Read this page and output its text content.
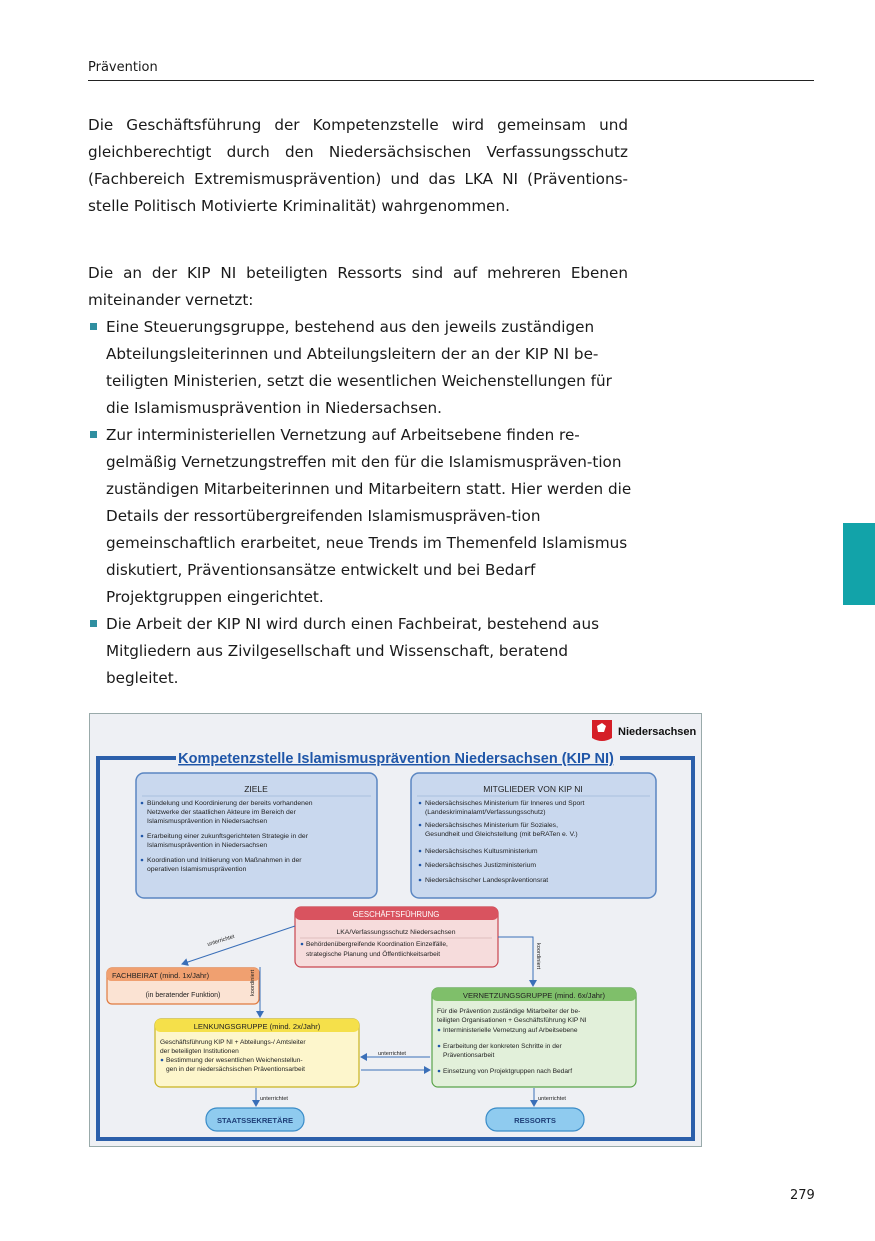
Prävention

Die Geschäftsführung der Kompetenzstelle wird gemeinsam und gleichberechtigt durch den Niedersächsischen Verfassungsschutz (Fachbereich Extremismusprävention) und das LKA NI (Präventions-stelle Politisch Motivierte Kriminalität) wahrgenommen.

Die an der KIP NI beteiligten Ressorts sind auf mehreren Ebenen miteinander vernetzt:

Eine Steuerungsgruppe, bestehend aus den jeweils zuständigen Abteilungsleiterinnen und Abteilungsleitern der an der KIP NI be-teiligten Ministerien, setzt die wesentlichen Weichenstellungen für die Islamismusprävention in Niedersachsen.
Zur interministeriellen Vernetzung auf Arbeitsebene finden re-gelmäßig Vernetzungstreffen mit den für die Islamismuspräven-tion zuständigen Mitarbeiterinnen und Mitarbeitern statt. Hier werden die Details der ressortübergreifenden Islamismuspräven-tion gemeinschaftlich erarbeitet, neue Trends im Themenfeld Islamismus diskutiert, Präventionsansätze entwickelt und bei Bedarf Projektgruppen eingerichtet.
Die Arbeit der KIP NI wird durch einen Fachbeirat, bestehend aus Mitgliedern aus Zivilgesellschaft und Wissenschaft, beratend begleitet.
Niedersachsen
Kompetenzstelle Islamismusprävention Niedersachsen (KIP NI)
ZIELE
Bündelung und Koordinierung der bereits vorhandenen
Netzwerke der staatlichen Akteure im Bereich der
Islamismusprävention in Niedersachsen
Erarbeitung einer zukunftsgerichteten Strategie in der
Islamismusprävention in Niedersachsen
Koordination und Initiierung von Maßnahmen in der
operativen Islamismusprävention
MITGLIEDER VON KIP NI
Niedersächsisches Ministerium für Inneres und Sport
(Landeskriminalamt/Verfassungsschutz)
Niedersächsisches Ministerium für Soziales,
Gesundheit und Gleichstellung (mit beRATen e. V.)
Niedersächsisches Kultusministerium
Niedersächsisches Justizministerium
Niedersächsischer Landespräventionsrat
GESCHÄFTSFÜHRUNG
LKA/Verfassungsschutz Niedersachsen
Behördenübergreifende Koordination Einzelfälle,
strategische Planung und Öffentlichkeitsarbeit
FACHBEIRAT (mind. 1x/Jahr)
(in beratender Funktion)
LENKUNGSGRUPPE (mind. 2x/Jahr)
Geschäftsführung KIP NI + Abteilungs-/ Amtsleiter
der beteiligten Institutionen
Bestimmung der wesentlichen Weichenstellun-
gen in der niedersächsischen Präventionsarbeit
VERNETZUNGSGRUPPE (mind. 6x/Jahr)
Für die Prävention zuständige Mitarbeiter der be-
teiligten Organisationen + Geschäftsführung KIP NI
Interministerielle Vernetzung auf Arbeitsebene
Erarbeitung der konkreten Schritte in der
Präventionsarbeit
Einsetzung von Projektgruppen nach Bedarf
STAATSSEKRETÄRE	RESSORTS
unterrichtet
koordiniert
koordiniert
unterrichtet
unterrichtet	unterrichtet
279
